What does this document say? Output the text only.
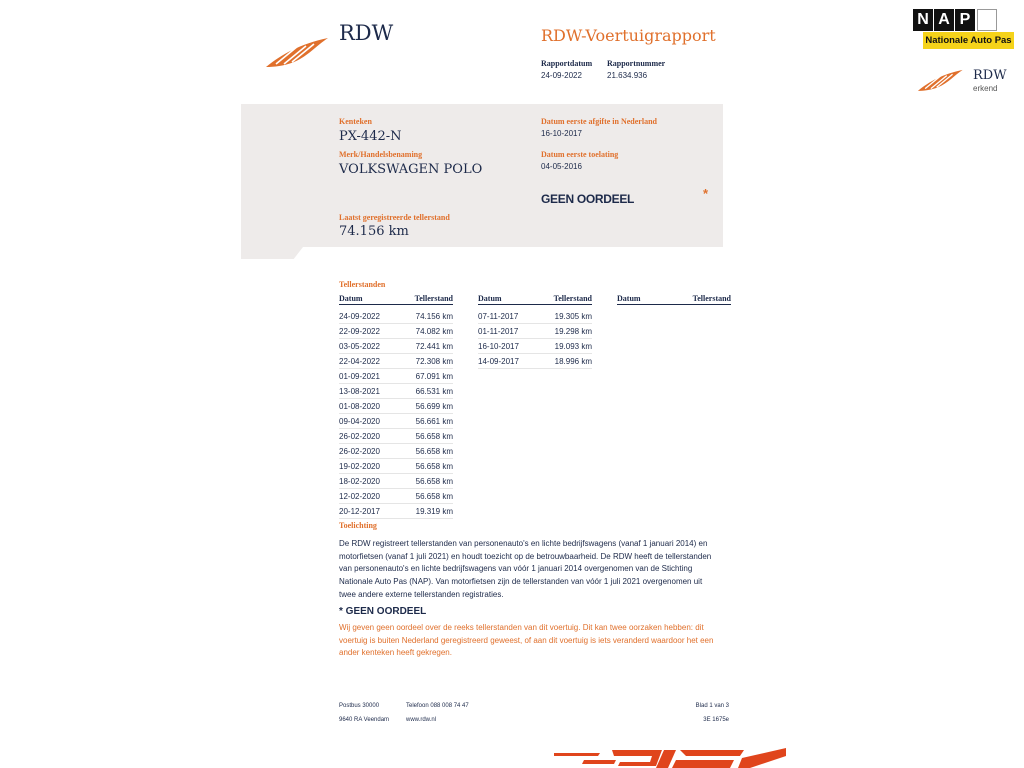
RDW	RDW-Voertuigrapport
Rapportdatum
24-09-2022
Rapportnummer
21.634.936
N A P
Nationale Auto Pas
RDW
erkend
Kenteken
PX-442-N
Merk/Handelsbenaming
VOLKSWAGEN POLO
Datum eerste afgifte in Nederland
16-10-2017
Datum eerste toelating
04-05-2016
GEEN OORDEEL	*
Laatst geregistreerde tellerstand
74.156 km
Tellerstanden
Datum	Tellerstand

24-09-2022	74.156 km
22-09-2022	74.082 km
03-05-2022	72.441 km
22-04-2022	72.308 km
01-09-2021	67.091 km
13-08-2021	66.531 km
01-08-2020	56.699 km
09-04-2020	56.661 km
26-02-2020	56.658 km
26-02-2020	56.658 km
19-02-2020	56.658 km
18-02-2020	56.658 km
12-02-2020	56.658 km
20-12-2017	19.319 km
Datum	Tellerstand

07-11-2017	19.305 km
01-11-2017	19.298 km
16-10-2017	19.093 km
14-09-2017	18.996 km
Datum	Tellerstand
Toelichting
De RDW registreert tellerstanden van personenauto's en lichte bedrijfswagens (vanaf 1 januari 2014) en
motorfietsen (vanaf 1 juli 2021) en houdt toezicht op de betrouwbaarheid. De RDW heeft de tellerstanden
van personenauto's en lichte bedrijfswagens van vóór 1 januari 2014 overgenomen van de Stichting
Nationale Auto Pas (NAP). Van motorfietsen zijn de tellerstanden van vóór 1 juli 2021 overgenomen uit
twee andere externe tellerstanden registraties.
* GEEN OORDEEL
Wij geven geen oordeel over de reeks tellerstanden van dit voertuig. Dit kan twee oorzaken hebben: dit
voertuig is buiten Nederland geregistreerd geweest, of aan dit voertuig is iets veranderd waardoor het een
ander kenteken heeft gekregen.
Postbus 30000
9640 RA Veendam
Telefoon 088 008 74 47
www.rdw.nl
Blad 1 van 3
3E 1675e
